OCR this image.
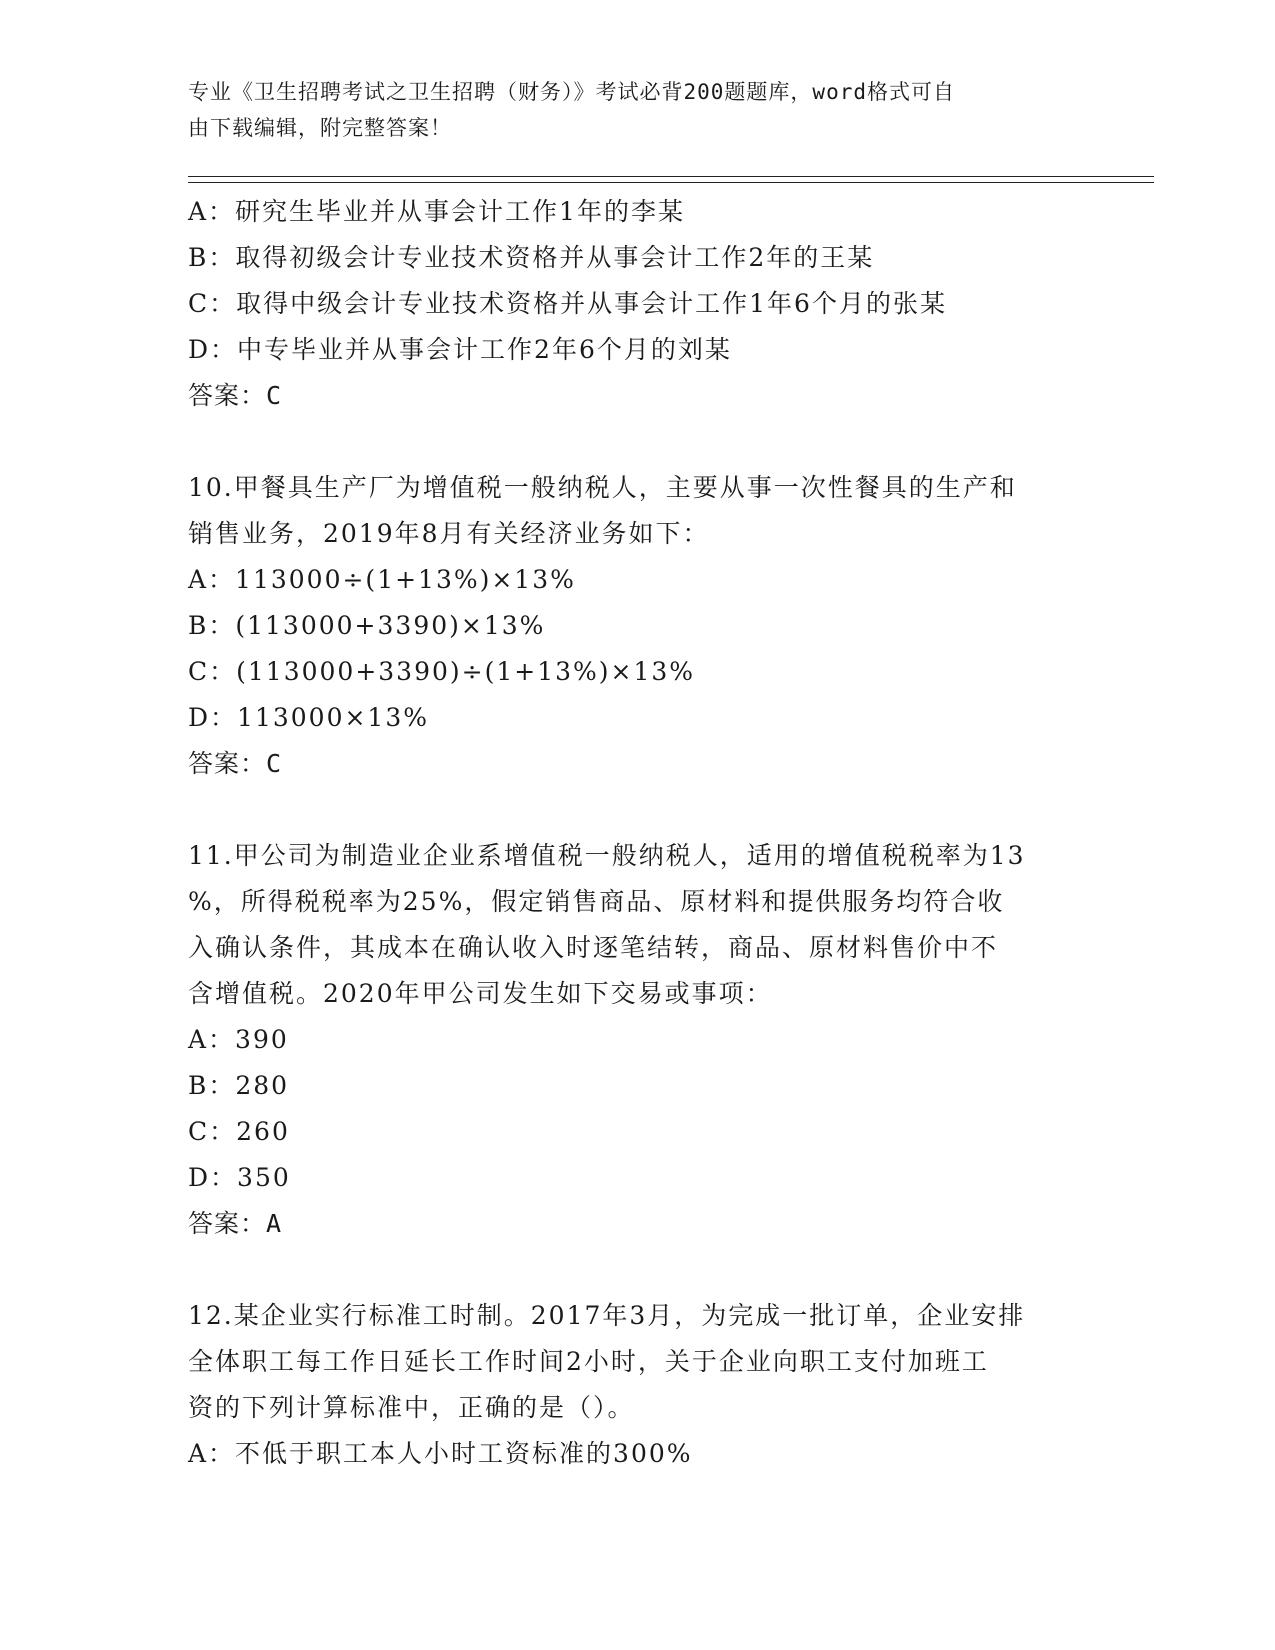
专业《卫生招聘考试之卫生招聘（财务）》考试必背200题题库，word格式可自
由下载编辑，附完整答案！
A：研究生毕业并从事会计工作1年的李某
B：取得初级会计专业技术资格并从事会计工作2年的王某
C：取得中级会计专业技术资格并从事会计工作1年6个月的张某
D：中专毕业并从事会计工作2年6个月的刘某
答案：C
10.甲餐具生产厂为增值税一般纳税人，主要从事一次性餐具的生产和
销售业务，2019年8月有关经济业务如下：
A：113000÷(1+13%)×13%
B：(113000+3390)×13%
C：(113000+3390)÷(1+13%)×13%
D：113000×13%
答案：C
11.甲公司为制造业企业系增值税一般纳税人，适用的增值税税率为13
%，所得税税率为25%，假定销售商品、原材料和提供服务均符合收
入确认条件，其成本在确认收入时逐笔结转，商品、原材料售价中不
含增值税。2020年甲公司发生如下交易或事项：
A：390
B：280
C：260
D：350
答案：A
12.某企业实行标准工时制。2017年3月，为完成一批订单，企业安排
全体职工每工作日延长工作时间2小时，关于企业向职工支付加班工
资的下列计算标准中，正确的是（）。
A：不低于职工本人小时工资标准的300%
